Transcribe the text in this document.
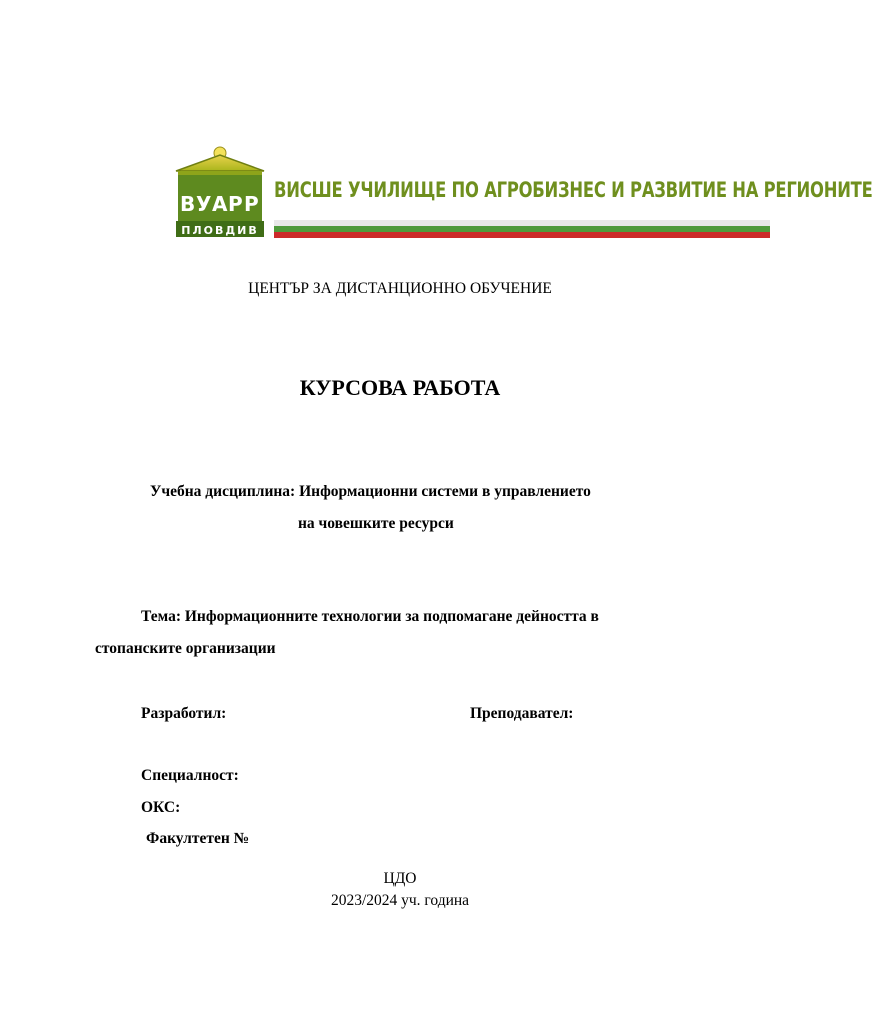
В У А Р Р
ПЛОВДИВ
ВИСШЕ УЧИЛИЩЕ ПО АГРОБИЗНЕС И РАЗВИТИЕ НА РЕГИОНИТЕ
ЦЕНТЪР ЗА ДИСТАНЦИОННО ОБУЧЕНИЕ
КУРСОВА РАБОТА
Учебна дисциплина: Информационни системи в управлението
на човешките ресурси
Тема: Информационните технологии за подпомагане дейността в
стопанските организации
Разработил:	Преподавател:
Специалност:
ОКС:
Факултетен №
ЦДО
2023/2024 уч. година
